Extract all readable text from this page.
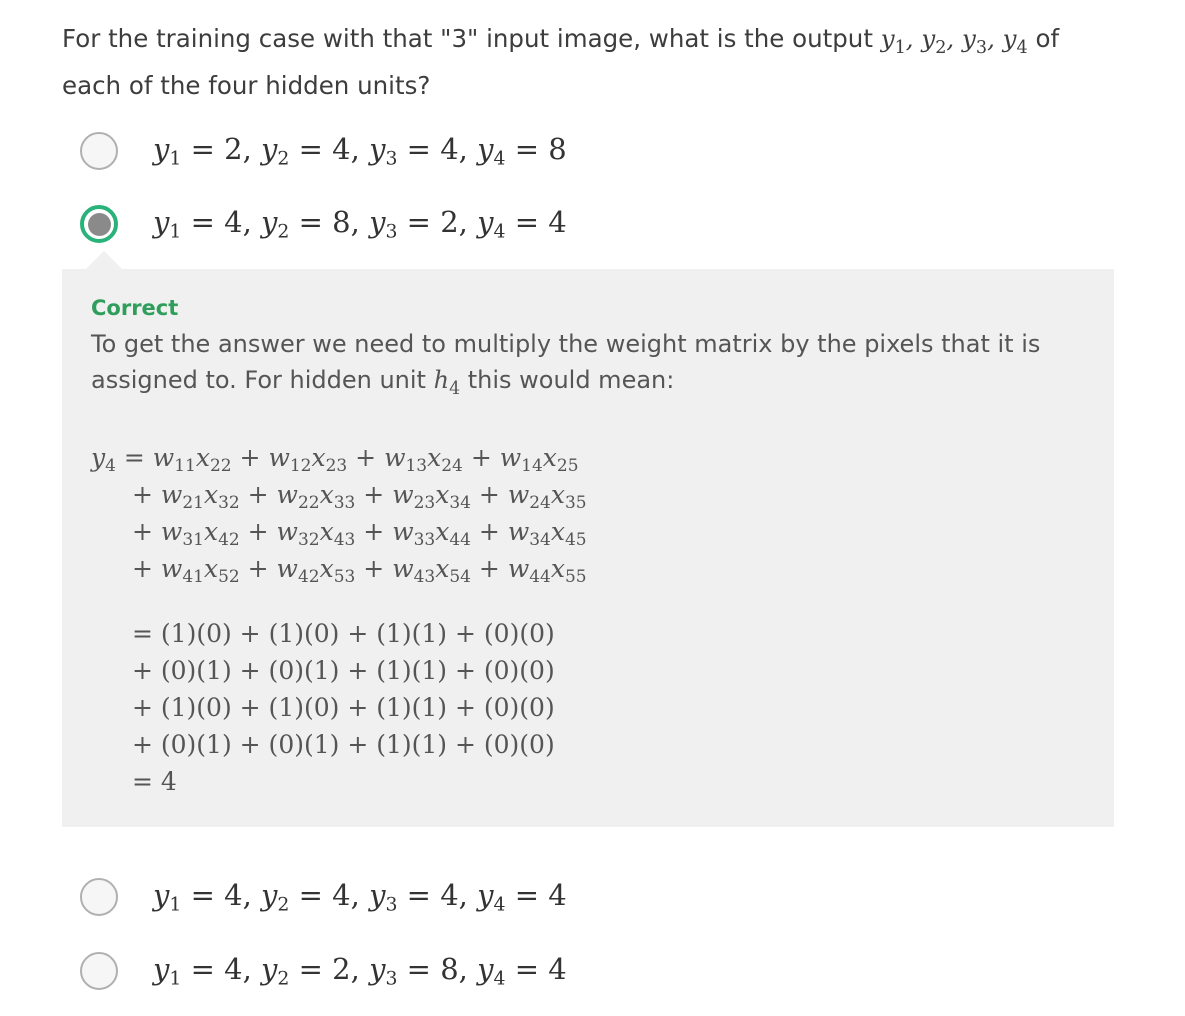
For the training case with that "3" input image, what is the output $y_1$, $y_2$, $y_3$, $y_4$ of each of the four hidden units?
$y_1 = 2$, $y_2 = 4$, $y_3 = 4$, $y_4 = 8$
$y_1 = 4$, $y_2 = 8$, $y_3 = 2$, $y_4 = 4$
Correct
To get the answer we need to multiply the weight matrix by the pixels that it is assigned to. For hidden unit $h_4$ this would mean:
$y_4 = w_{11}x_{22} + w_{12}x_{23} + w_{13}x_{24} + w_{14}x_{25}$
+ $w_{21}x_{32} + w_{22}x_{33} + w_{23}x_{34} + w_{24}x_{35}$
+ $w_{31}x_{42} + w_{32}x_{43} + w_{33}x_{44} + w_{34}x_{45}$
+ $w_{41}x_{52} + w_{42}x_{53} + w_{43}x_{54} + w_{44}x_{55}$
= (1)(0) + (1)(0) + (1)(1) + (0)(0)
+ (0)(1) + (0)(1) + (1)(1) + (0)(0)
+ (1)(0) + (1)(0) + (1)(1) + (0)(0)
+ (0)(1) + (0)(1) + (1)(1) + (0)(0)
= 4
$y_1 = 4$, $y_2 = 4$, $y_3 = 4$, $y_4 = 4$
$y_1 = 4$, $y_2 = 2$, $y_3 = 8$, $y_4 = 4$
